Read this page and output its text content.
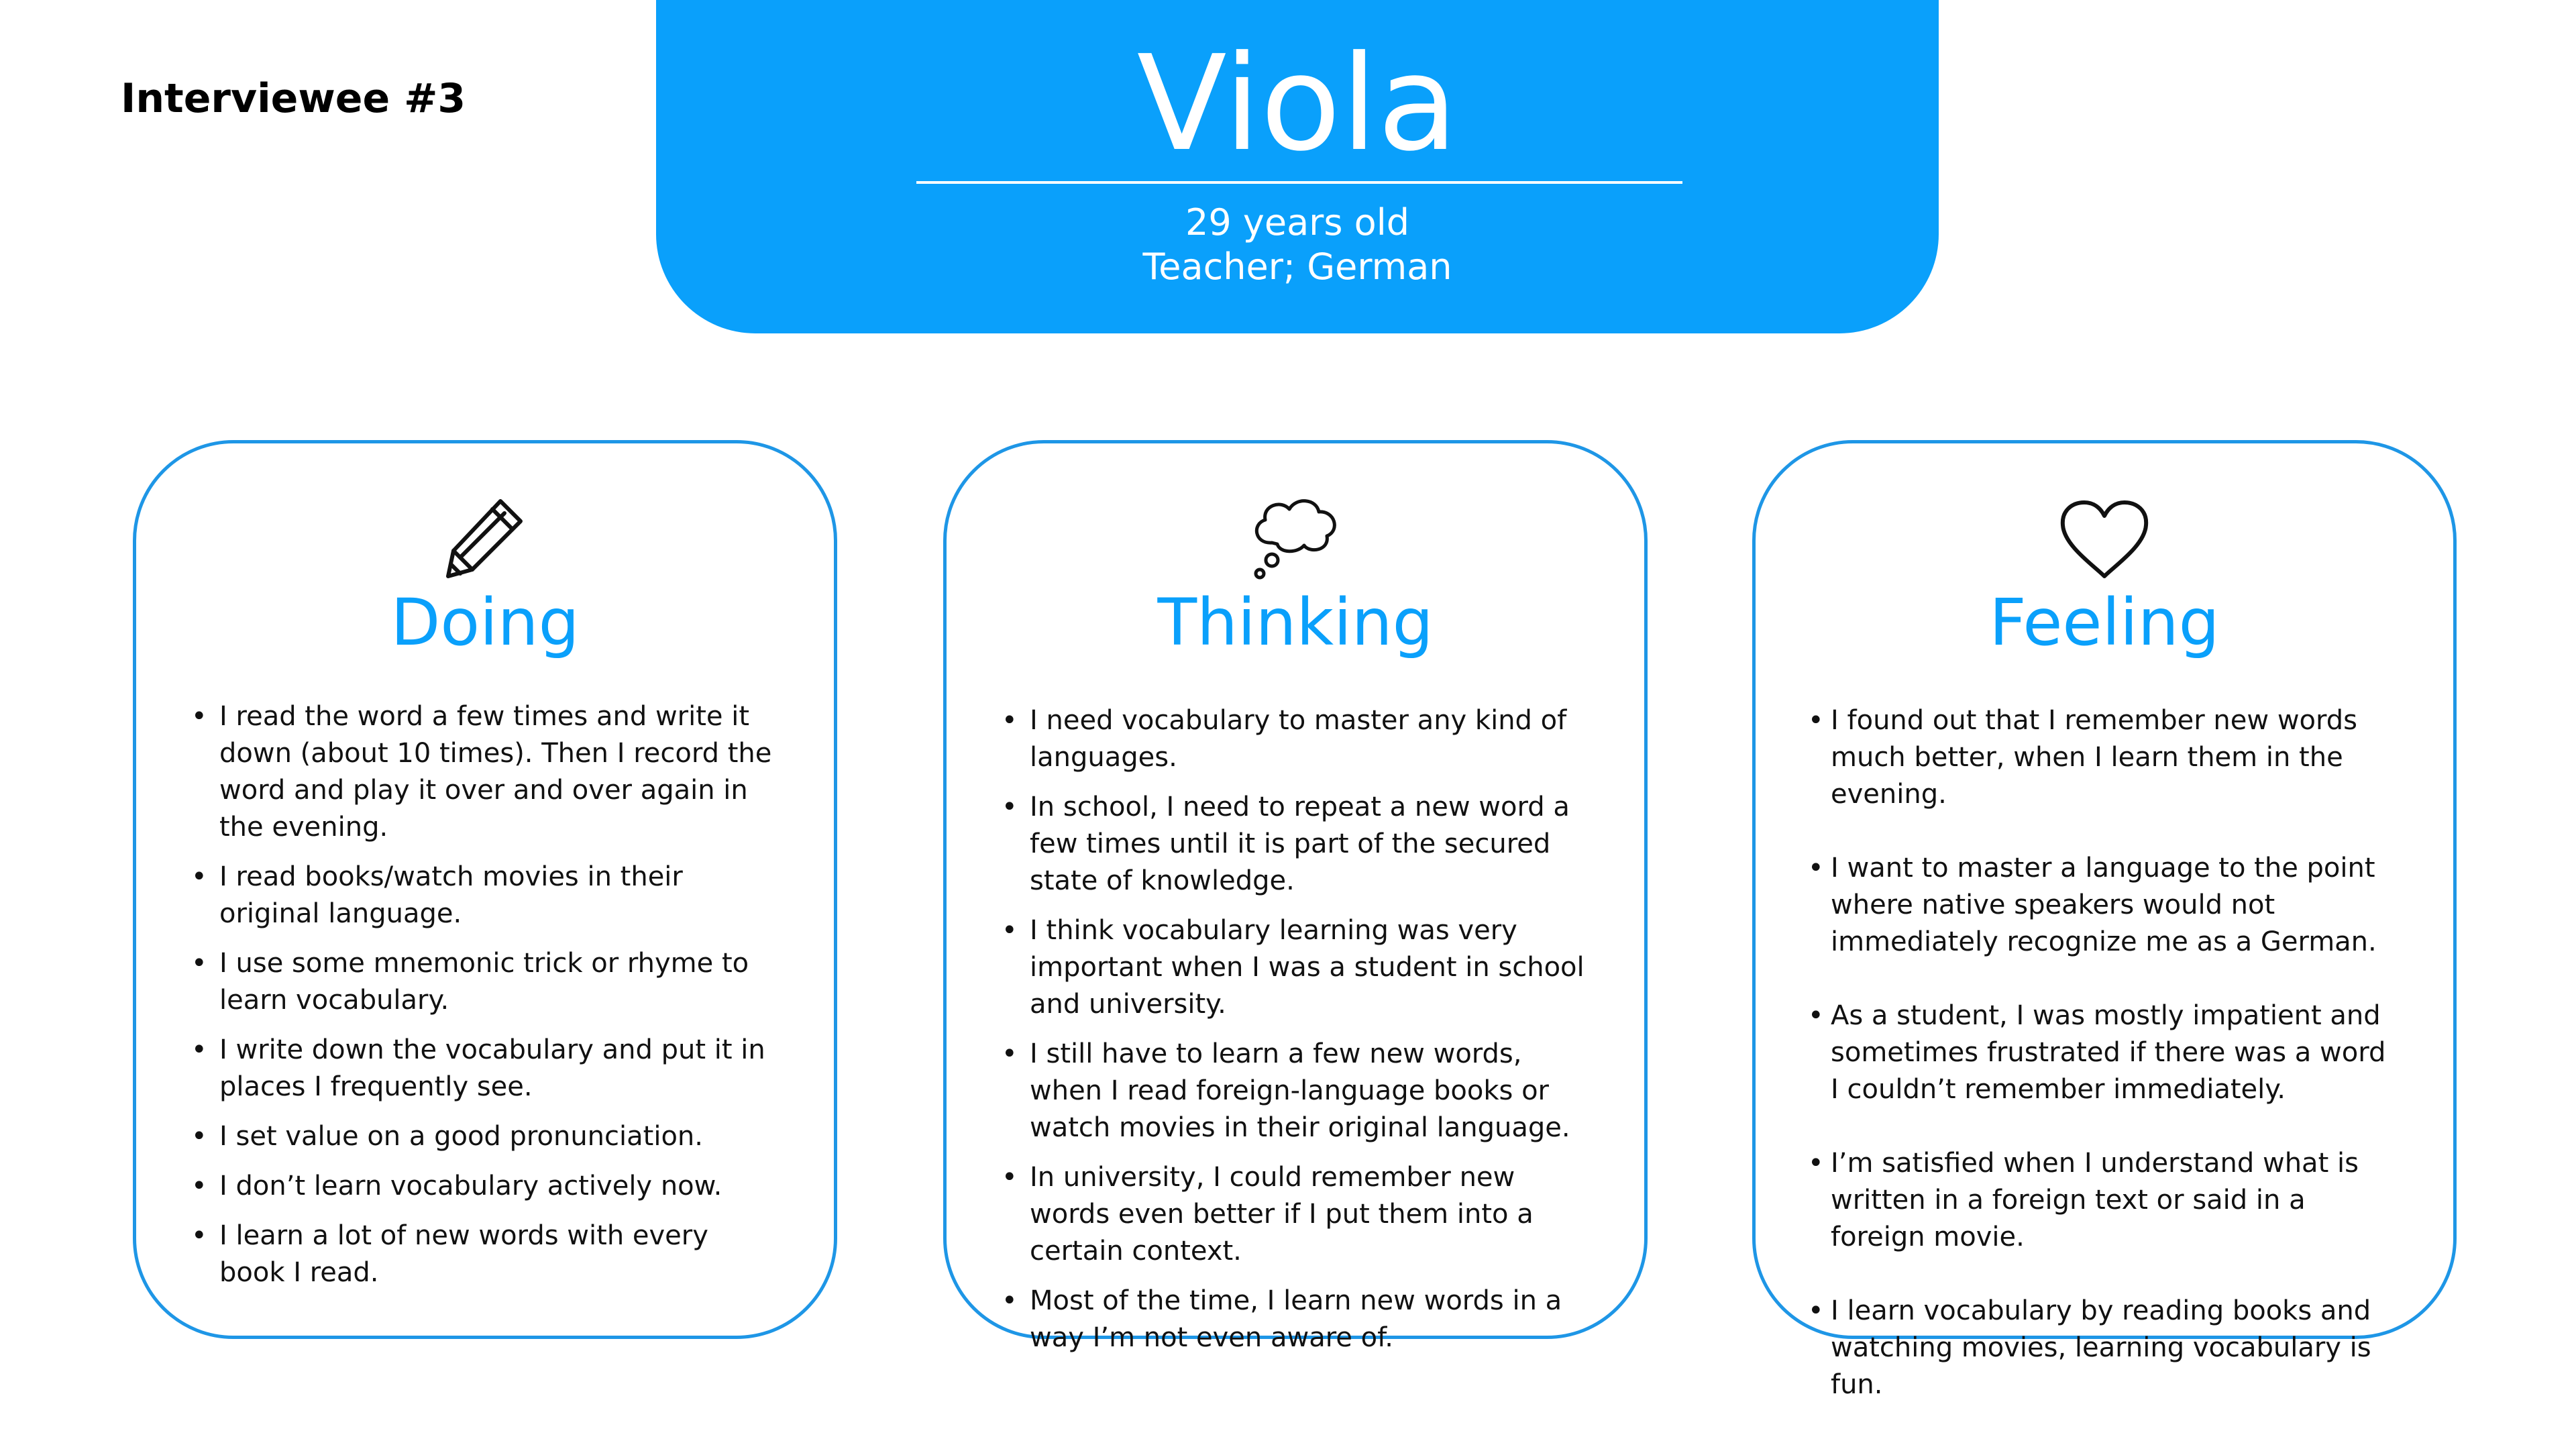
Interviewee #3	Viola
29 years old
Teacher; German
Doing
• I read the word a few times and write it down (about 10 times). Then I record the word and play it over and over again in the evening.
• I read books/watch movies in their original language.
• I use some mnemonic trick or rhyme to learn vocabulary.
• I write down the vocabulary and put it in places I frequently see.
• I set value on a good pronunciation.
• I don’t learn vocabulary actively now.
• I learn a lot of new words with every book I read.
Thinking
• I need vocabulary to master any kind of languages.
• In school, I need to repeat a new word a few times until it is part of the secured state of knowledge.
• I think vocabulary learning was very important when I was a student in school and university.
• I still have to learn a few new words, when I read foreign-language books or watch movies in their original language.
• In university, I could remember new words even better if I put them into a certain context.
• Most of the time, I learn new words in a way I’m not even aware of.
Feeling
• I found out that I remember new words much better, when I learn them in the evening.
• I want to master a language to the point where native speakers would not immediately recognize me as a German.
• As a student, I was mostly impatient and sometimes frustrated if there was a word I couldn’t remember immediately.
• I’m satisfied when I understand what is written in a foreign text or said in a foreign movie.
• I learn vocabulary by reading books and watching movies, learning vocabulary is fun.
